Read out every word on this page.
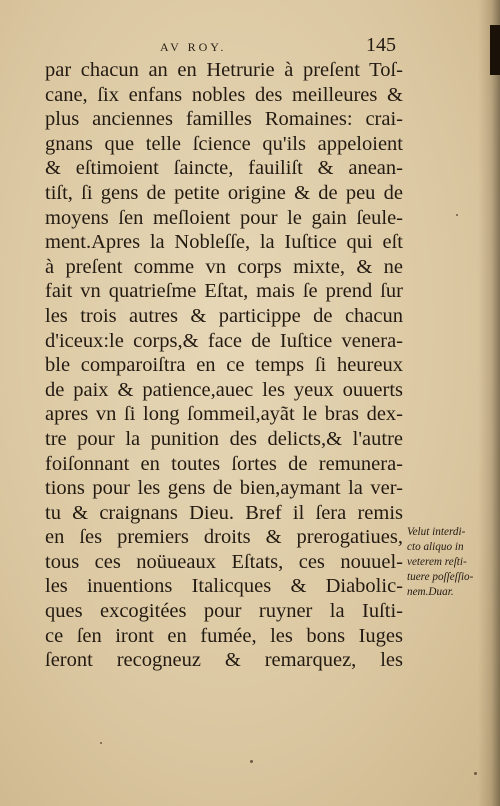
AV ROY.	145
par chacun an en Hetrurie à preſent Toſ-
cane, ſix enfans nobles des meilleures &
plus anciennes familles Romaines: crai-
gnans que telle ſcience qu'ils appeloient
& eſtimoient ſaincte, fauiliſt & anean-
tiſt, ſi gens de petite origine & de peu de
moyens ſen meſloient pour le gain ſeule-
ment.Apres la Nobleſſe, la Iuſtice qui eſt
à preſent comme vn corps mixte, & ne
fait vn quatrieſme Eſtat, mais ſe prend ſur
les trois autres & particippe de chacun
d'iceux:le corps,& face de Iuſtice venera-
ble comparoiſtra en ce temps ſi heureux
de paix & patience,auec les yeux ouuerts
apres vn ſi long ſommeil,ayãt le bras dex-
tre pour la punition des delicts,& l'autre
foiſonnant en toutes ſortes de remunera-
tions pour les gens de bien,aymant la ver-
tu & craignans Dieu. Bref il ſera remis
en ſes premiers droits & prerogatiues,
tous ces noüueaux Eſtats, ces nouuel-
les inuentions Italicques & Diabolic-
ques excogitées pour ruyner la Iuſti-
ce ſen iront en fumée, les bons Iuges
ſeront recogneuz & remarquez, les
Velut interdi-
cto aliquo in
veterem reſti-
tuere poſſeſſio-
nem.Duar.
